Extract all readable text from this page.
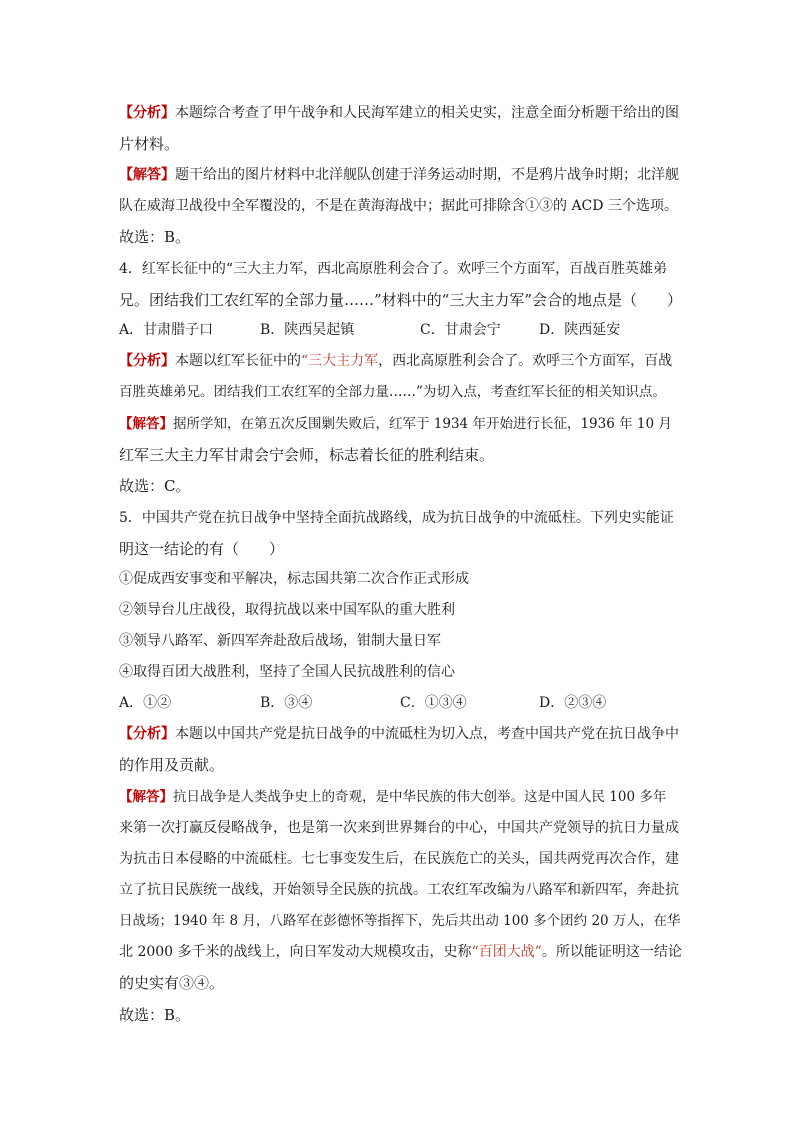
【分析】本题综合考查了甲午战争和人民海军建立的相关史实，注意全面分析题干给出的图
片材料。
【解答】题干给出的图片材料中北洋舰队创建于洋务运动时期，不是鸦片战争时期；北洋舰
队在威海卫战役中全军覆没的，不是在黄海海战中；据此可排除含①③的 ACD 三个选项。
故选：B。
4．红军长征中的“三大主力军，西北高原胜利会合了。欢呼三个方面军，百战百胜英雄弟
兄。团结我们工农红军的全部力量……”材料中的“三大主力军”会合的地点是（　　）
A．甘肃腊子口	B．陕西吴起镇	C．甘肃会宁	D．陕西延安
【分析】本题以红军长征中的“三大主力军，西北高原胜利会合了。欢呼三个方面军，百战
百胜英雄弟兄。团结我们工农红军的全部力量……”为切入点，考查红军长征的相关知识点。
【解答】据所学知，在第五次反围剿失败后，红军于 1934 年开始进行长征，1936 年 10 月
红军三大主力军甘肃会宁会师，标志着长征的胜利结束。
故选：C。
5．中国共产党在抗日战争中坚持全面抗战路线，成为抗日战争的中流砥柱。下列史实能证
明这一结论的有（　　）
①促成西安事变和平解决，标志国共第二次合作正式形成
②领导台儿庄战役，取得抗战以来中国军队的重大胜利
③领导八路军、新四军奔赴敌后战场，钳制大量日军
④取得百团大战胜利，坚持了全国人民抗战胜利的信心
A．①②	B．③④	C．①③④	D．②③④
【分析】本题以中国共产党是抗日战争的中流砥柱为切入点，考查中国共产党在抗日战争中
的作用及贡献。
【解答】抗日战争是人类战争史上的奇观，是中华民族的伟大创举。这是中国人民 100 多年
来第一次打赢反侵略战争，也是第一次来到世界舞台的中心，中国共产党领导的抗日力量成
为抗击日本侵略的中流砥柱。七七事变发生后，在民族危亡的关头，国共两党再次合作，建
立了抗日民族统一战线，开始领导全民族的抗战。工农红军改编为八路军和新四军，奔赴抗
日战场；1940 年 8 月，八路军在彭德怀等指挥下，先后共出动 100 多个团约 20 万人，在华
北 2000 多千米的战线上，向日军发动大规模攻击，史称“百团大战”。所以能证明这一结论
的史实有③④。
故选：B。
